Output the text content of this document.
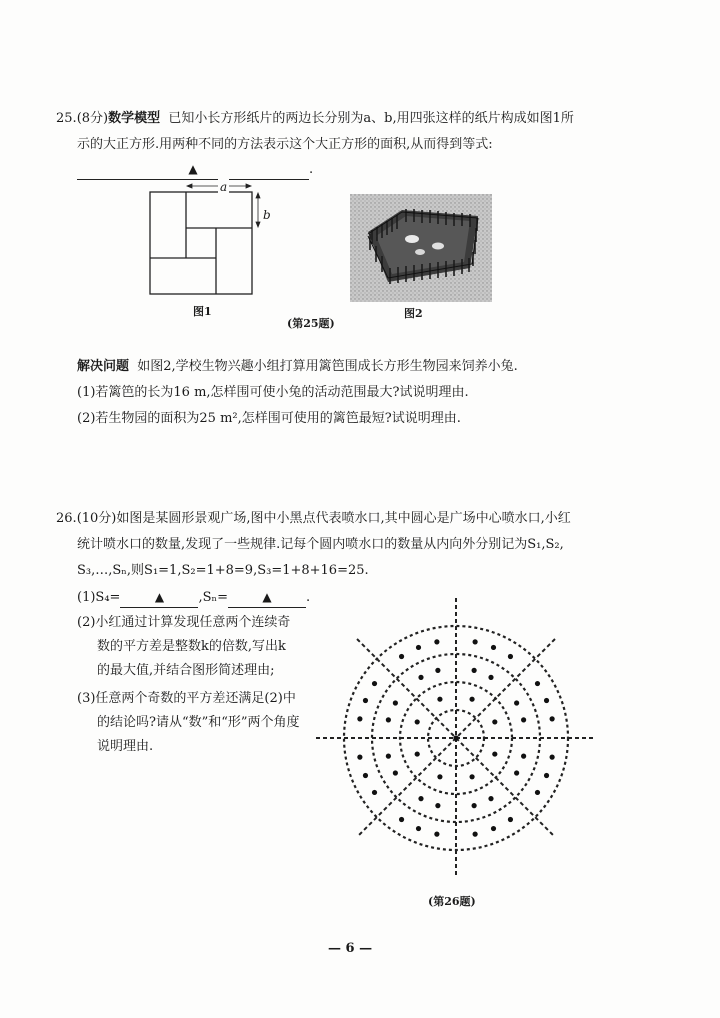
25.(8分)数学模型 已知小长方形纸片的两边长分别为a、b,用四张这样的纸片构成如图1所
示的大正方形.用两种不同的方法表示这个大正方形的面积,从而得到等式:
▲	.
a
b
图1	图2
(第25题)
解决问题 如图2,学校生物兴趣小组打算用篱笆围成长方形生物园来饲养小兔.
(1)若篱笆的长为16 m,怎样围可使小兔的活动范围最大?试说明理由.
(2)若生物园的面积为25 m²,怎样围可使用的篱笆最短?试说明理由.
26.(10分)如图是某圆形景观广场,图中小黑点代表喷水口,其中圆心是广场中心喷水口,小红
统计喷水口的数量,发现了一些规律.记每个圆内喷水口的数量从内向外分别记为S₁,S₂,
S₃,…,Sₙ,则S₁=1,S₂=1+8=9,S₃=1+8+16=25.
(1)S₄=	▲	,Sₙ=	▲	.
(2)小红通过计算发现任意两个连续奇
数的平方差是整数k的倍数,写出k
的最大值,并结合图形简述理由;
(3)任意两个奇数的平方差还满足(2)中
的结论吗?请从“数”和“形”两个角度
说明理由.
(第26题)
— 6 —
